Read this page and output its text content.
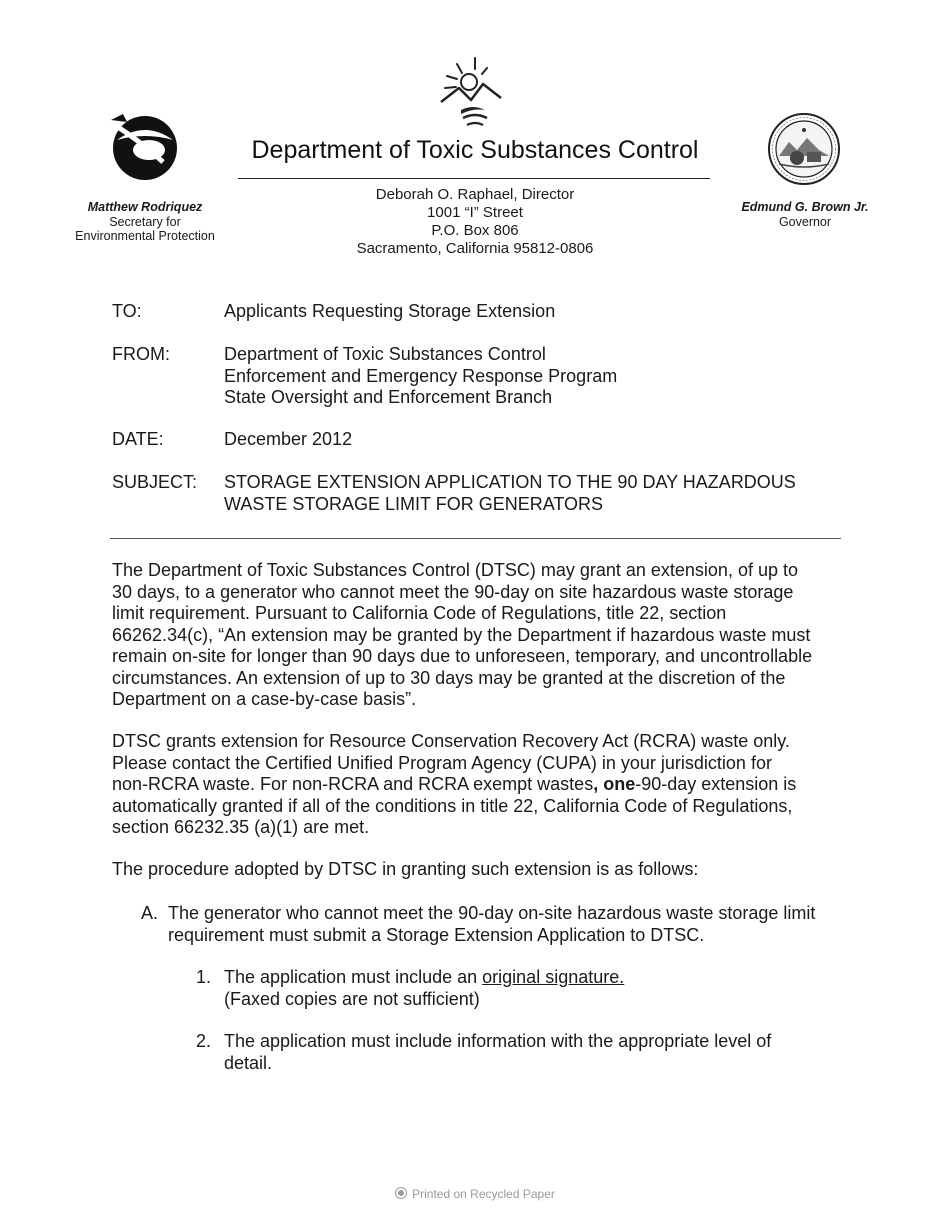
Department of Toxic Substances Control
Deborah O. Raphael, Director
1001 “I” Street
P.O. Box 806
Sacramento, California 95812-0806
Matthew Rodriquez
Secretary for
Environmental Protection
Edmund G. Brown Jr.
Governor
TO:	Applicants Requesting Storage Extension
FROM:	Department of Toxic Substances Control
Enforcement and Emergency Response Program
State Oversight and Enforcement Branch
DATE:	December 2012
SUBJECT: STORAGE EXTENSION APPLICATION TO THE 90 DAY HAZARDOUS
WASTE STORAGE LIMIT FOR GENERATORS
The Department of Toxic Substances Control (DTSC) may grant an extension, of up to
30 days, to a generator who cannot meet the 90-day on site hazardous waste storage
limit requirement. Pursuant to California Code of Regulations, title 22, section
66262.34(c), “An extension may be granted by the Department if hazardous waste must
remain on-site for longer than 90 days due to unforeseen, temporary, and uncontrollable
circumstances. An extension of up to 30 days may be granted at the discretion of the
Department on a case-by-case basis”.
DTSC grants extension for Resource Conservation Recovery Act (RCRA) waste only.
Please contact the Certified Unified Program Agency (CUPA) in your jurisdiction for
non-RCRA waste. For non-RCRA and RCRA exempt wastes, one-90-day extension is
automatically granted if all of the conditions in title 22, California Code of Regulations,
section 66232.35 (a)(1) are met.
The procedure adopted by DTSC in granting such extension is as follows:
A. The generator who cannot meet the 90-day on-site hazardous waste storage limit
requirement must submit a Storage Extension Application to DTSC.
1. The application must include an original signature.
(Faxed copies are not sufficient)
2. The application must include information with the appropriate level of
detail.
Printed on Recycled Paper
